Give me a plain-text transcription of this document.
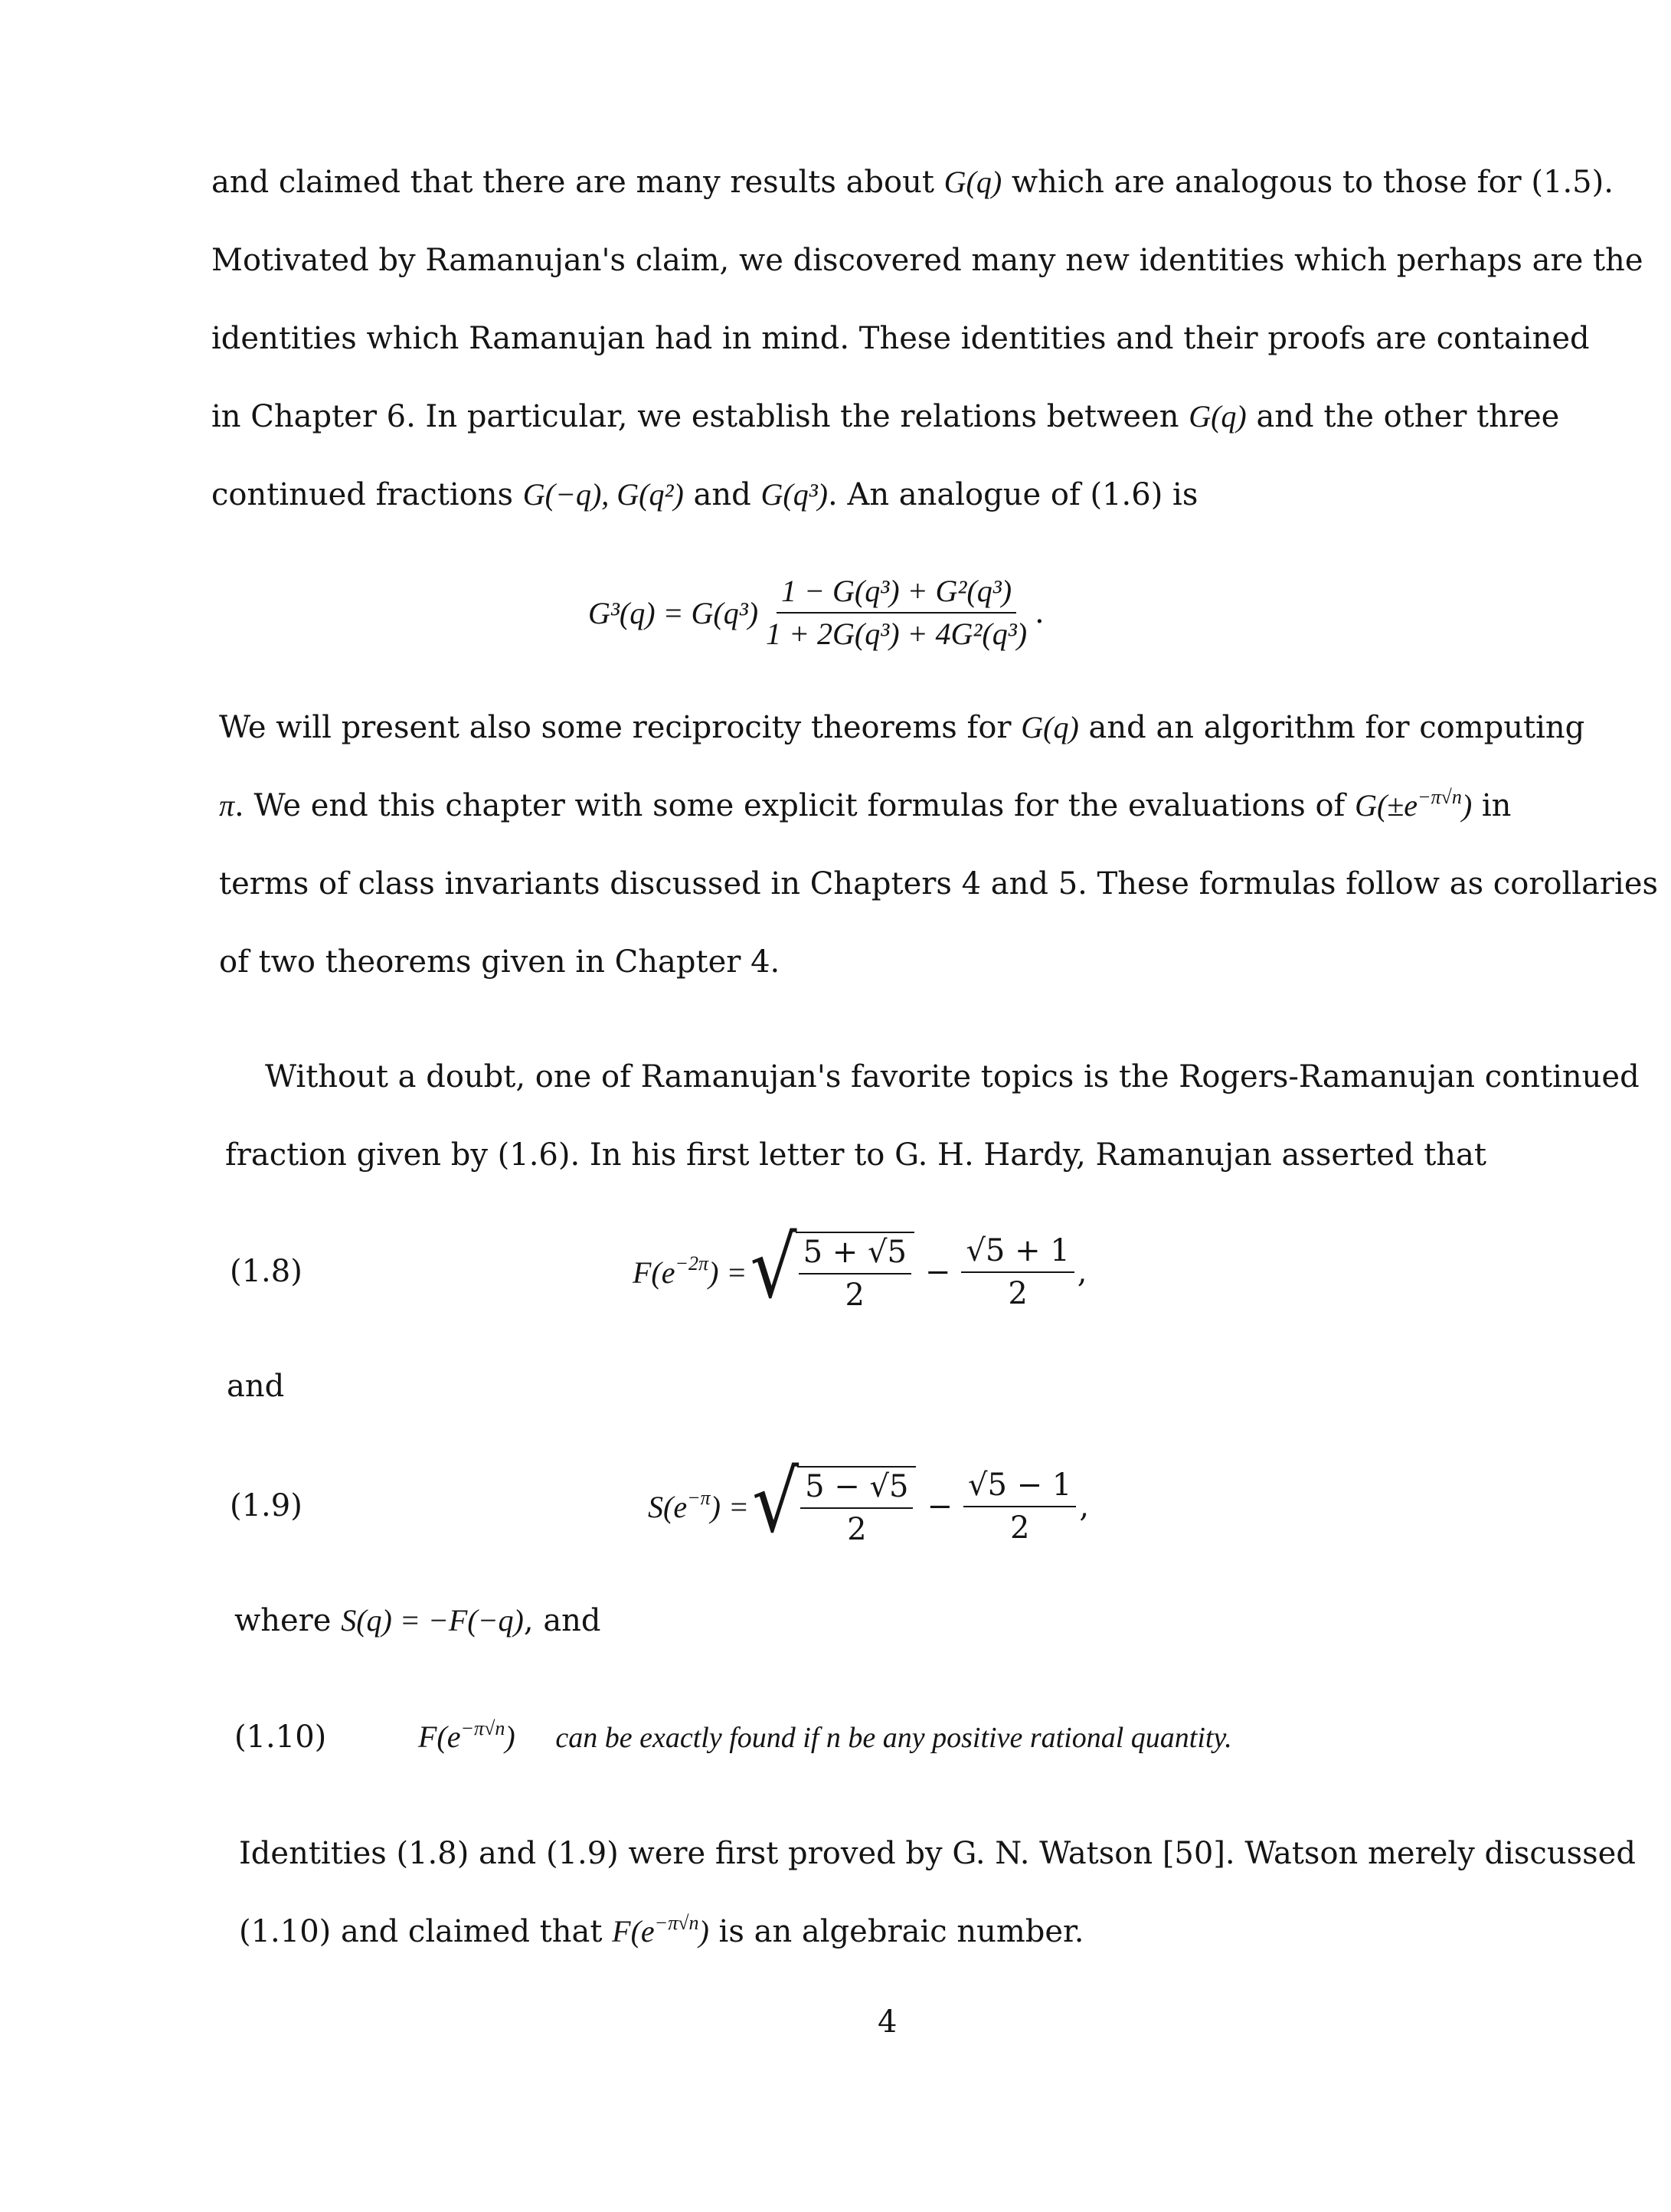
and claimed that there are many results about G(q) which are analogous to those for (1.5).
Motivated by Ramanujan's claim, we discovered many new identities which perhaps are the
identities which Ramanujan had in mind. These identities and their proofs are contained
in Chapter 6. In particular, we establish the relations between G(q) and the other three
continued fractions G(−q), G(q²) and G(q³). An analogue of (1.6) is
$G^3(q) = G(q^3) \frac{\text{1 − G(q³) + G²(q³)}}{\text{1 + 2G(q³) + 4G²(q³)}}$ .
We will present also some reciprocity theorems for G(q) and an algorithm for computing
π. We end this chapter with some explicit formulas for the evaluations of $G(\pm e^{-\pi√n})$ in
terms of class invariants discussed in Chapters 4 and 5. These formulas follow as corollaries
of two theorems given in Chapter 4.
Without a doubt, one of Ramanujan's favorite topics is the Rogers-Ramanujan continued
fraction given by (1.6). In his first letter to G. H. Hardy, Ramanujan asserted that
(1.8)	$F(e^{-2\pi})$ = √ $\frac{5 + √5}{2} - \frac{√5 + 1}{2}$ ,
and
(1.9)	$S(e^{-\pi})$ = √ $\frac{5 - √5}{2} - \frac{√5 - 1}{2}$ ,
where S(q) = −F(−q), and
(1.10)	$F(e^{-\pi√n})$ can be exactly found if n be any positive rational quantity.
Identities (1.8) and (1.9) were first proved by G. N. Watson [50]. Watson merely discussed
(1.10) and claimed that $F(e^{-\pi√n})$ is an algebraic number.
4
